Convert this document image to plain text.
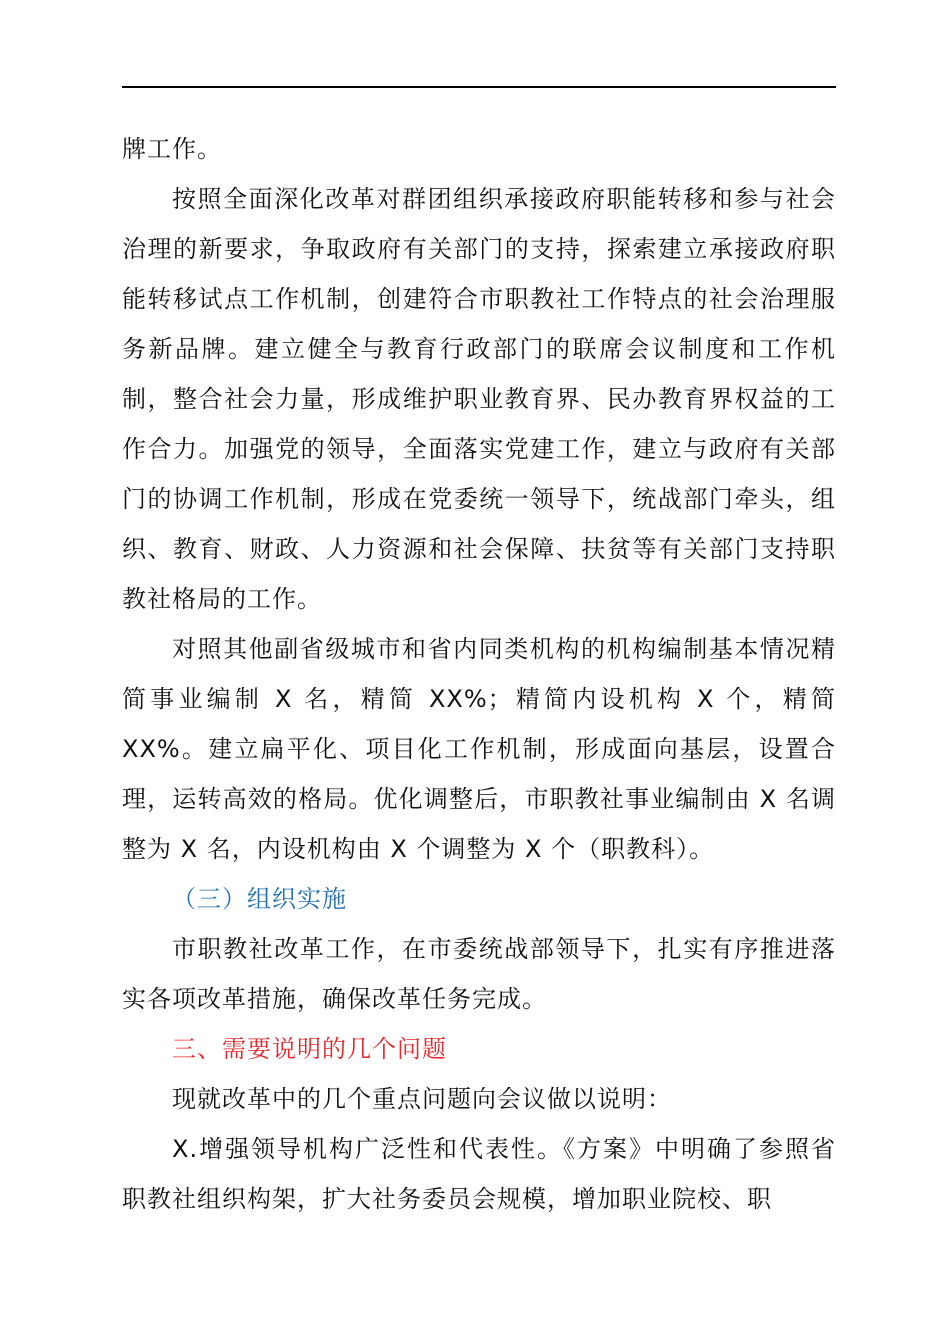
牌工作。

按照全面深化改革对群团组织承接政府职能转移和参与社会治理的新要求，争取政府有关部门的支持，探索建立承接政府职能转移试点工作机制，创建符合市职教社工作特点的社会治理服务新品牌。建立健全与教育行政部门的联席会议制度和工作机制，整合社会力量，形成维护职业教育界、民办教育界权益的工作合力。加强党的领导，全面落实党建工作，建立与政府有关部门的协调工作机制，形成在党委统一领导下，统战部门牵头，组织、教育、财政、人力资源和社会保障、扶贫等有关部门支持职教社格局的工作。

对照其他副省级城市和省内同类机构的机构编制基本情况精简事业编制 X 名，精简 XX%；精简内设机构 X 个，精简XX%。建立扁平化、项目化工作机制，形成面向基层，设置合理，运转高效的格局。优化调整后，市职教社事业编制由 X 名调整为 X 名，内设机构由 X 个调整为 X 个（职教科）。

（三）组织实施

市职教社改革工作，在市委统战部领导下，扎实有序推进落实各项改革措施，确保改革任务完成。

三、需要说明的几个问题

现就改革中的几个重点问题向会议做以说明：

X.增强领导机构广泛性和代表性。《方案》中明确了参照省职教社组织构架，扩大社务委员会规模，增加职业院校、职
